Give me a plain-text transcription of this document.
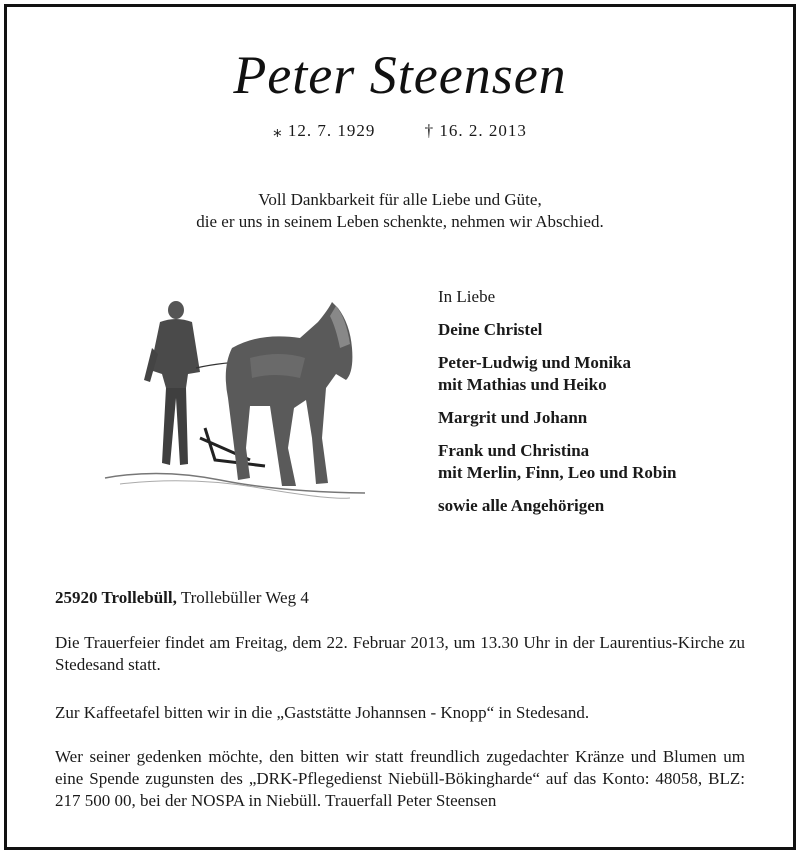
Peter Steensen
⁎ 12. 7. 1929	† 16. 2. 2013
Voll Dankbarkeit für alle Liebe und Güte,
die er uns in seinem Leben schenkte, nehmen wir Abschied.
In Liebe
Deine Christel
Peter-Ludwig und Monika
mit Mathias und Heiko
Margrit und Johann
Frank und Christina
mit Merlin, Finn, Leo und Robin
sowie alle Angehörigen
25920 Trollebüll, Trollebüller Weg 4
Die Trauerfeier findet am Freitag, dem 22. Februar 2013, um 13.30 Uhr in der Laurentius-Kirche zu Stedesand statt.
Zur Kaffeetafel bitten wir in die „Gaststätte Johannsen - Knopp“ in Stedesand.
Wer seiner gedenken möchte, den bitten wir statt freundlich zugedachter Kränze und Blumen um eine Spende zugunsten des „DRK-Pflegedienst Niebüll-Bökingharde“ auf das Konto: 48058, BLZ: 217 500 00, bei der NOSPA in Niebüll. Trauerfall Peter Steensen
